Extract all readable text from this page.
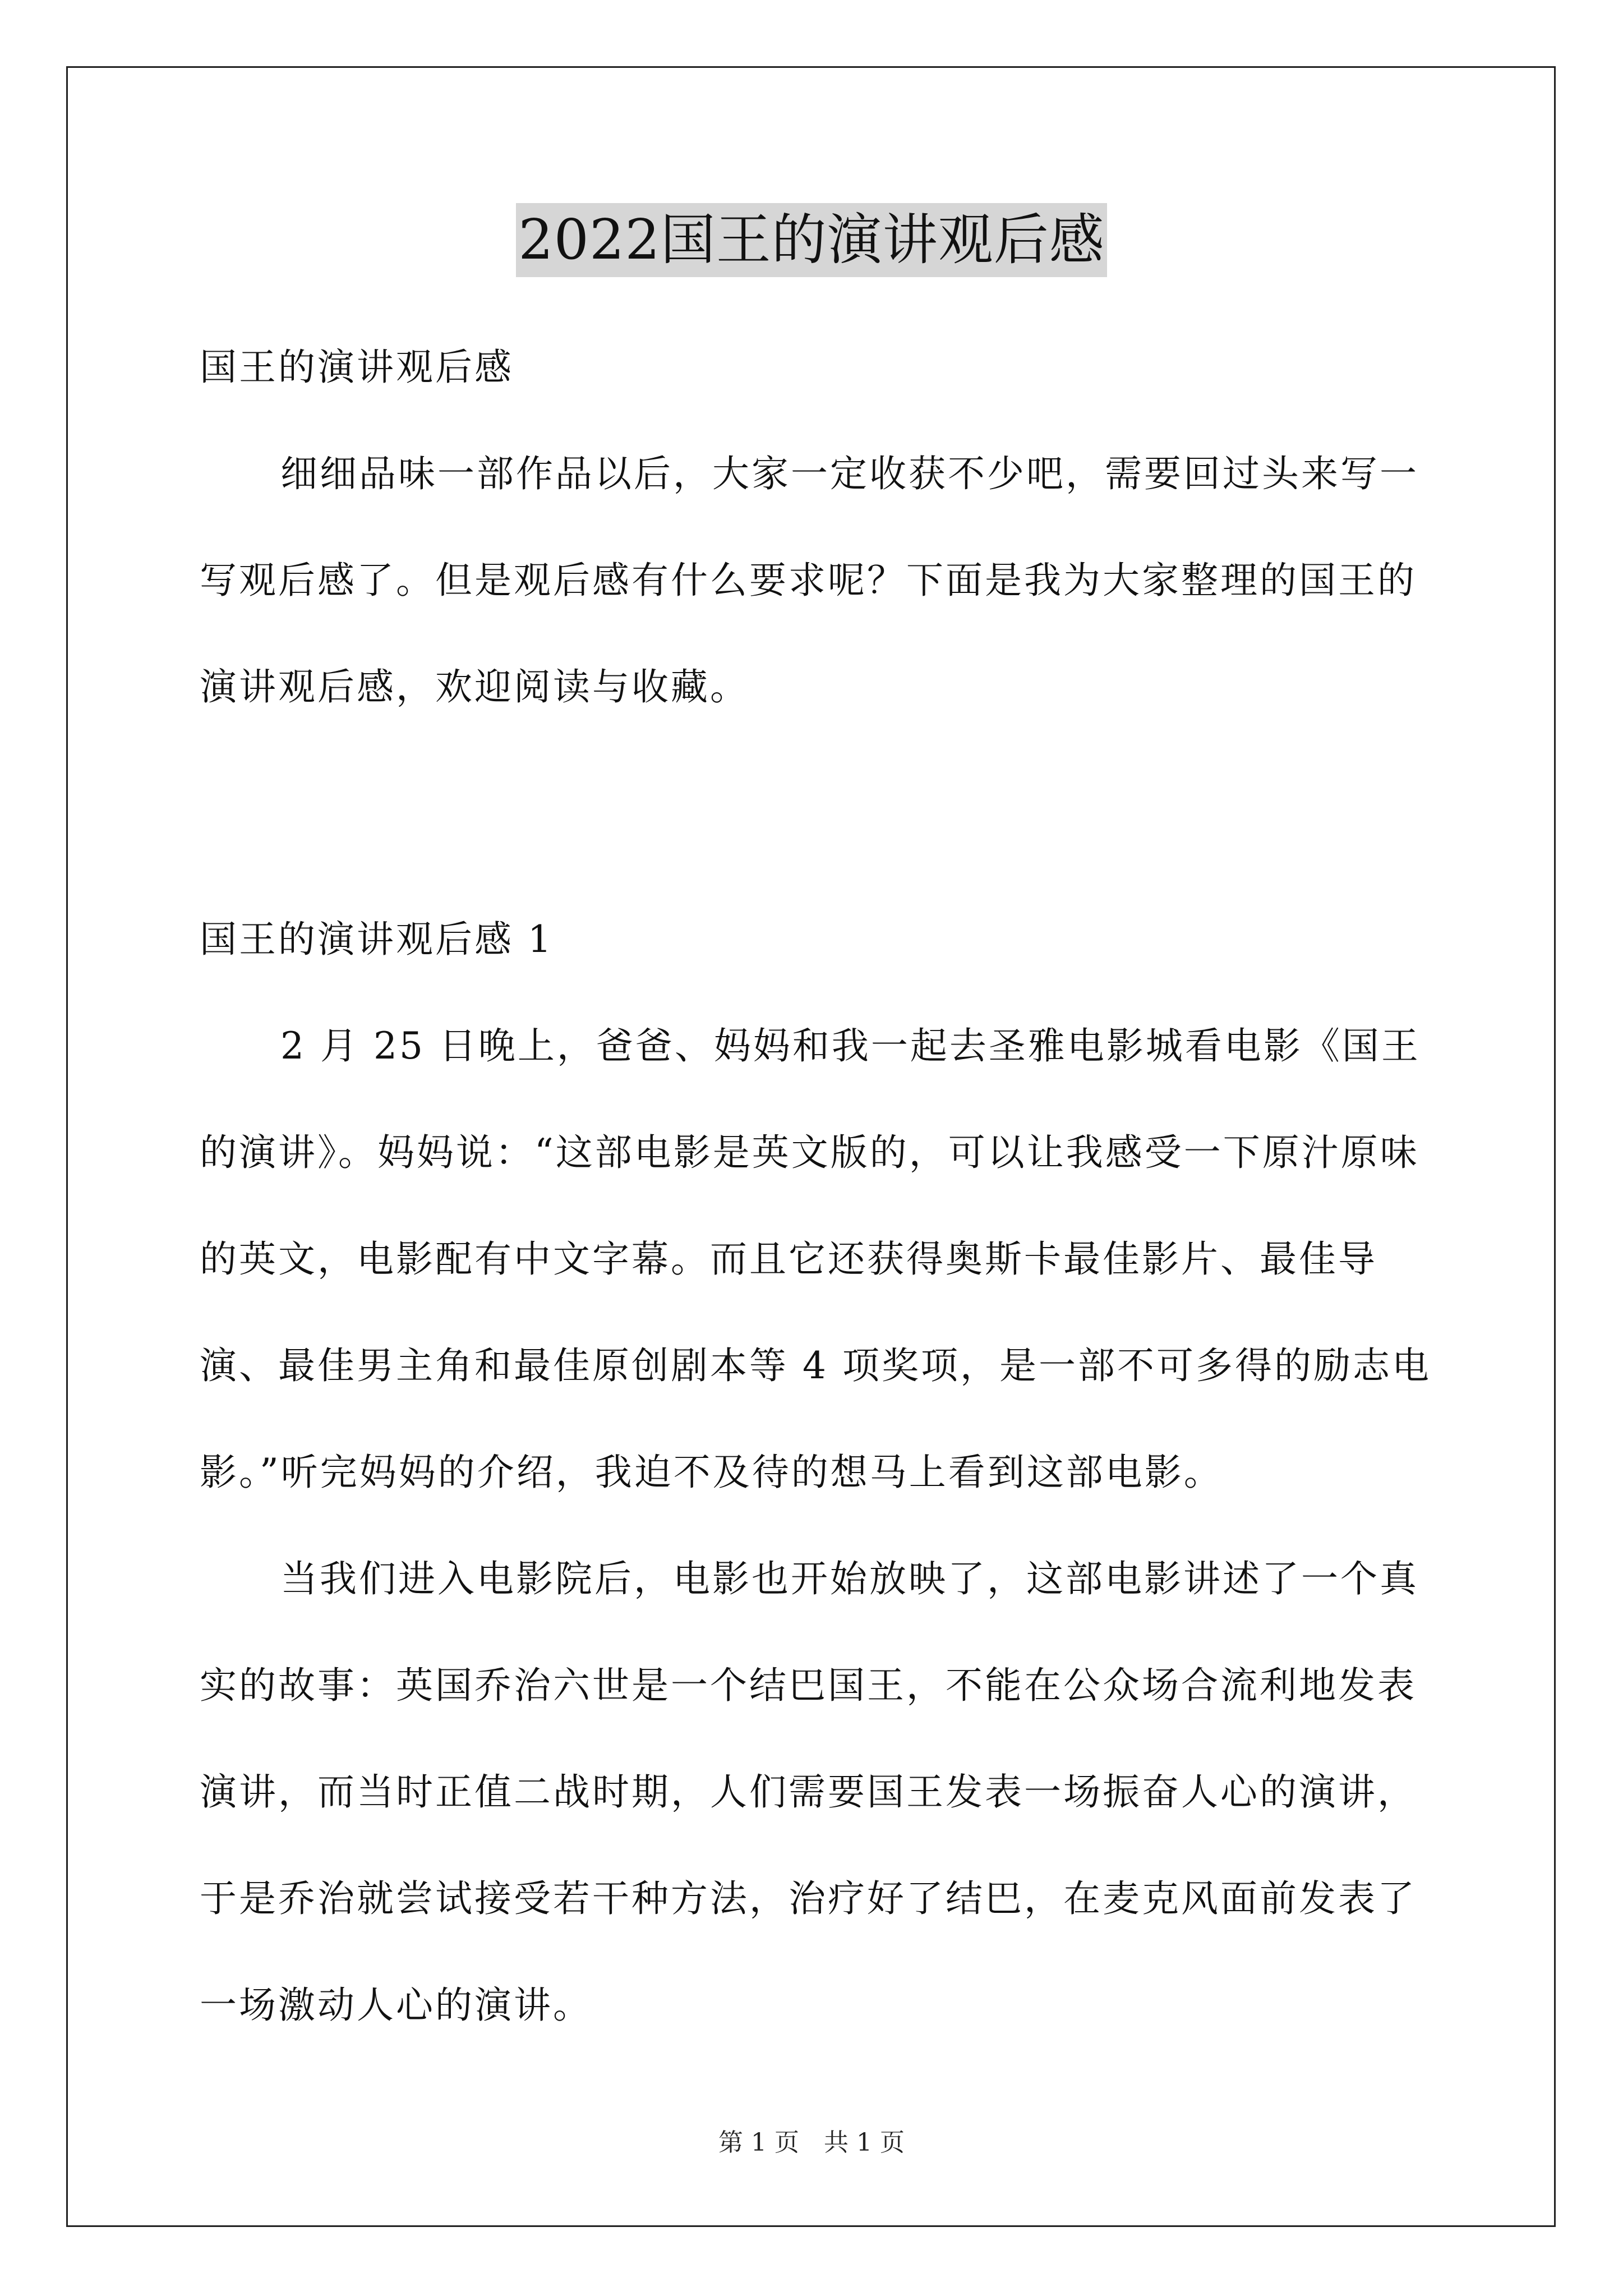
2022国王的演讲观后感

国王的演讲观后感

细细品味一部作品以后，大家一定收获不少吧，需要回过头来写一写观后感了。但是观后感有什么要求呢？下面是我为大家整理的国王的演讲观后感，欢迎阅读与收藏。

国王的演讲观后感 1

2 月 25 日晚上，爸爸、妈妈和我一起去圣雅电影城看电影《国王的演讲》。妈妈说：“这部电影是英文版的，可以让我感受一下原汁原味的英文，电影配有中文字幕。而且它还获得奥斯卡最佳影片、最佳导演、最佳男主角和最佳原创剧本等 4 项奖项，是一部不可多得的励志电影。”听完妈妈的介绍，我迫不及待的想马上看到这部电影。

当我们进入电影院后，电影也开始放映了，这部电影讲述了一个真实的故事：英国乔治六世是一个结巴国王，不能在公众场合流利地发表演讲，而当时正值二战时期，人们需要国王发表一场振奋人心的演讲，于是乔治就尝试接受若干种方法，治疗好了结巴，在麦克风面前发表了一场激动人心的演讲。

第 1 页　共 1 页
